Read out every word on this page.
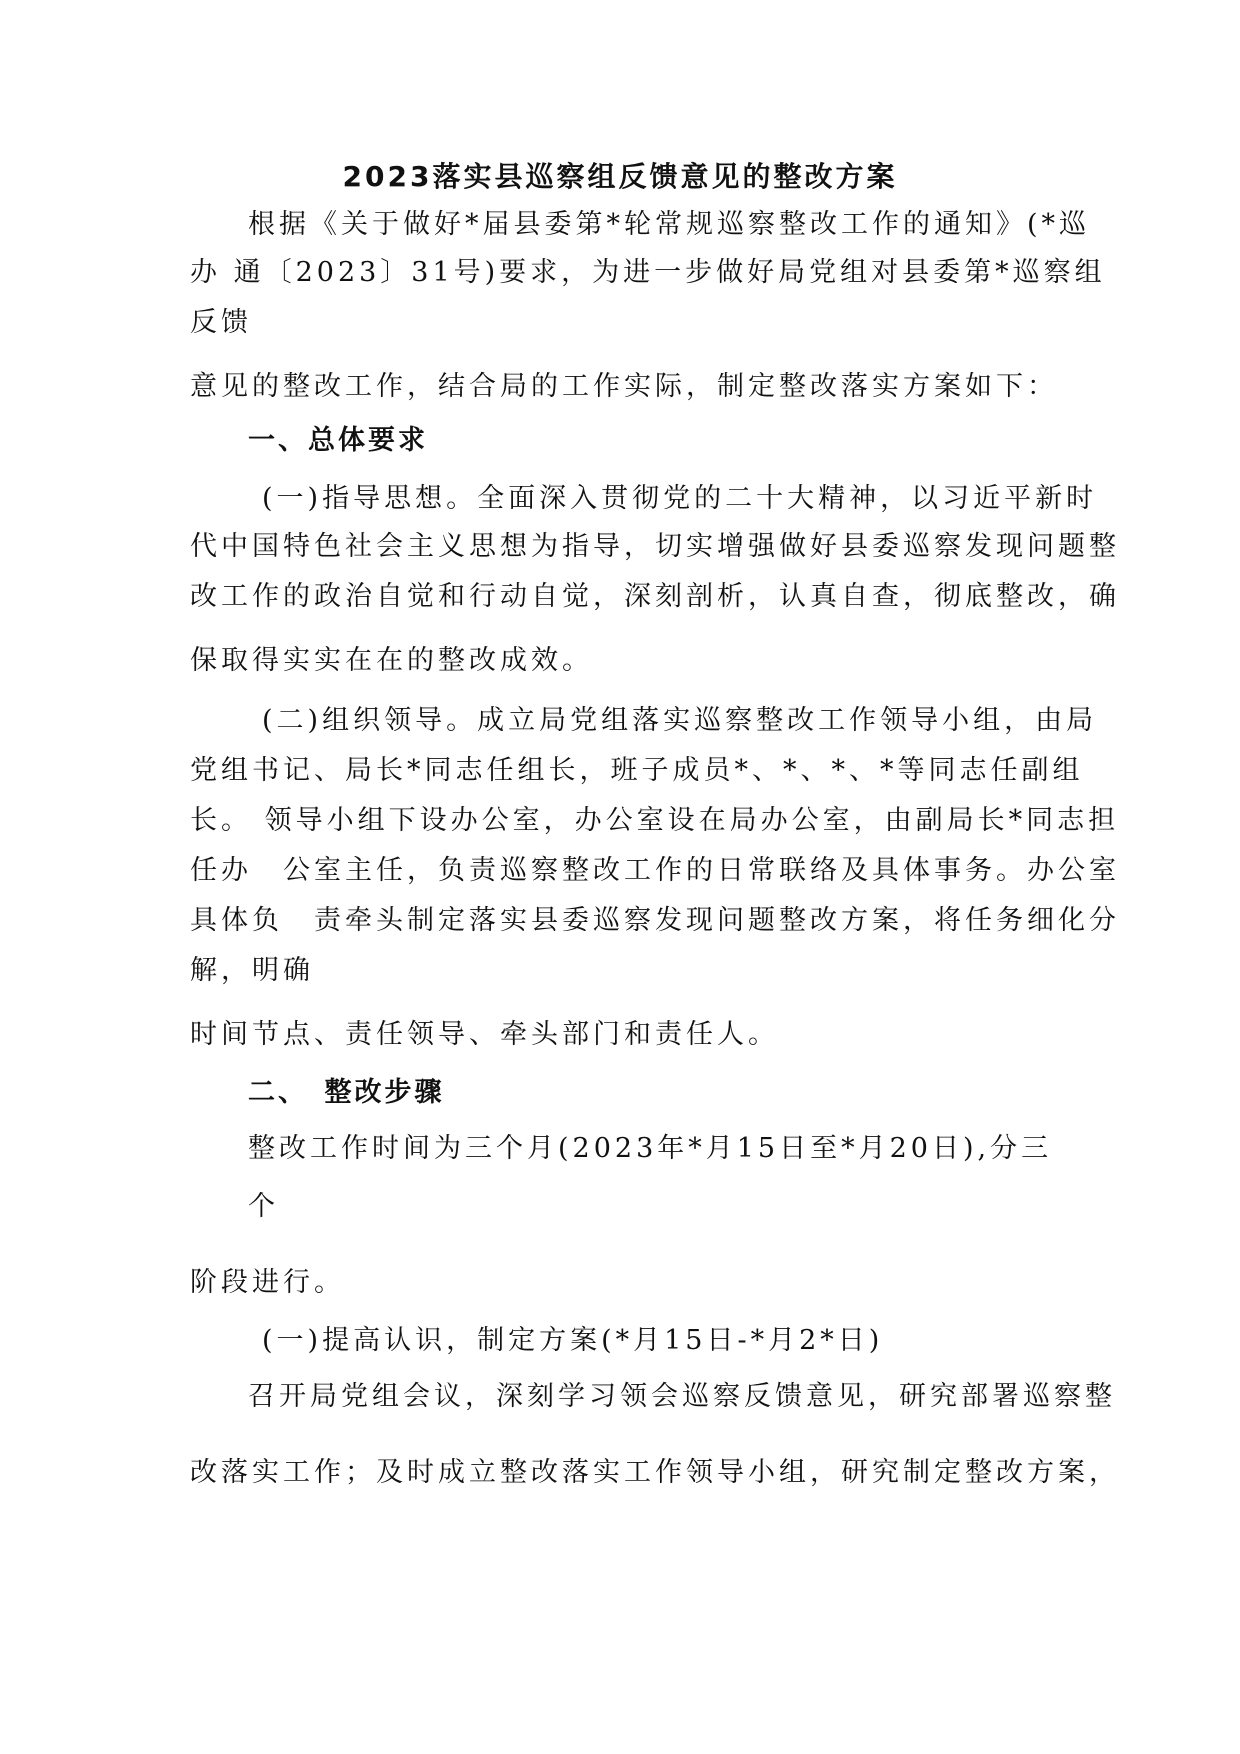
2023落实县巡察组反馈意见的整改方案

根据《关于做好*届县委第*轮常规巡察整改工作的通知》(*巡

办 通〔2023〕31号)要求，为进一步做好局党组对县委第*巡察组

反馈

意见的整改工作，结合局的工作实际，制定整改落实方案如下：

一、总体要求

(一)指导思想。全面深入贯彻党的二十大精神，以习近平新时

代中国特色社会主义思想为指导，切实增强做好县委巡察发现问题整

改工作的政治自觉和行动自觉，深刻剖析，认真自查，彻底整改，确

保取得实实在在的整改成效。

(二)组织领导。成立局党组落实巡察整改工作领导小组，由局

党组书记、局长*同志任组长，班子成员*、*、*、*等同志任副组

长。 领导小组下设办公室，办公室设在局办公室，由副局长*同志担

任办　公室主任，负责巡察整改工作的日常联络及具体事务。办公室

具体负　责牵头制定落实县委巡察发现问题整改方案，将任务细化分

解，明确

时间节点、责任领导、牵头部门和责任人。

二、　整改步骤

整改工作时间为三个月(2023年*月15日至*月20日),分三

个

阶段进行。

(一)提高认识，制定方案(*月15日-*月2*日)

召开局党组会议，深刻学习领会巡察反馈意见，研究部署巡察整

改落实工作；及时成立整改落实工作领导小组，研究制定整改方案，
